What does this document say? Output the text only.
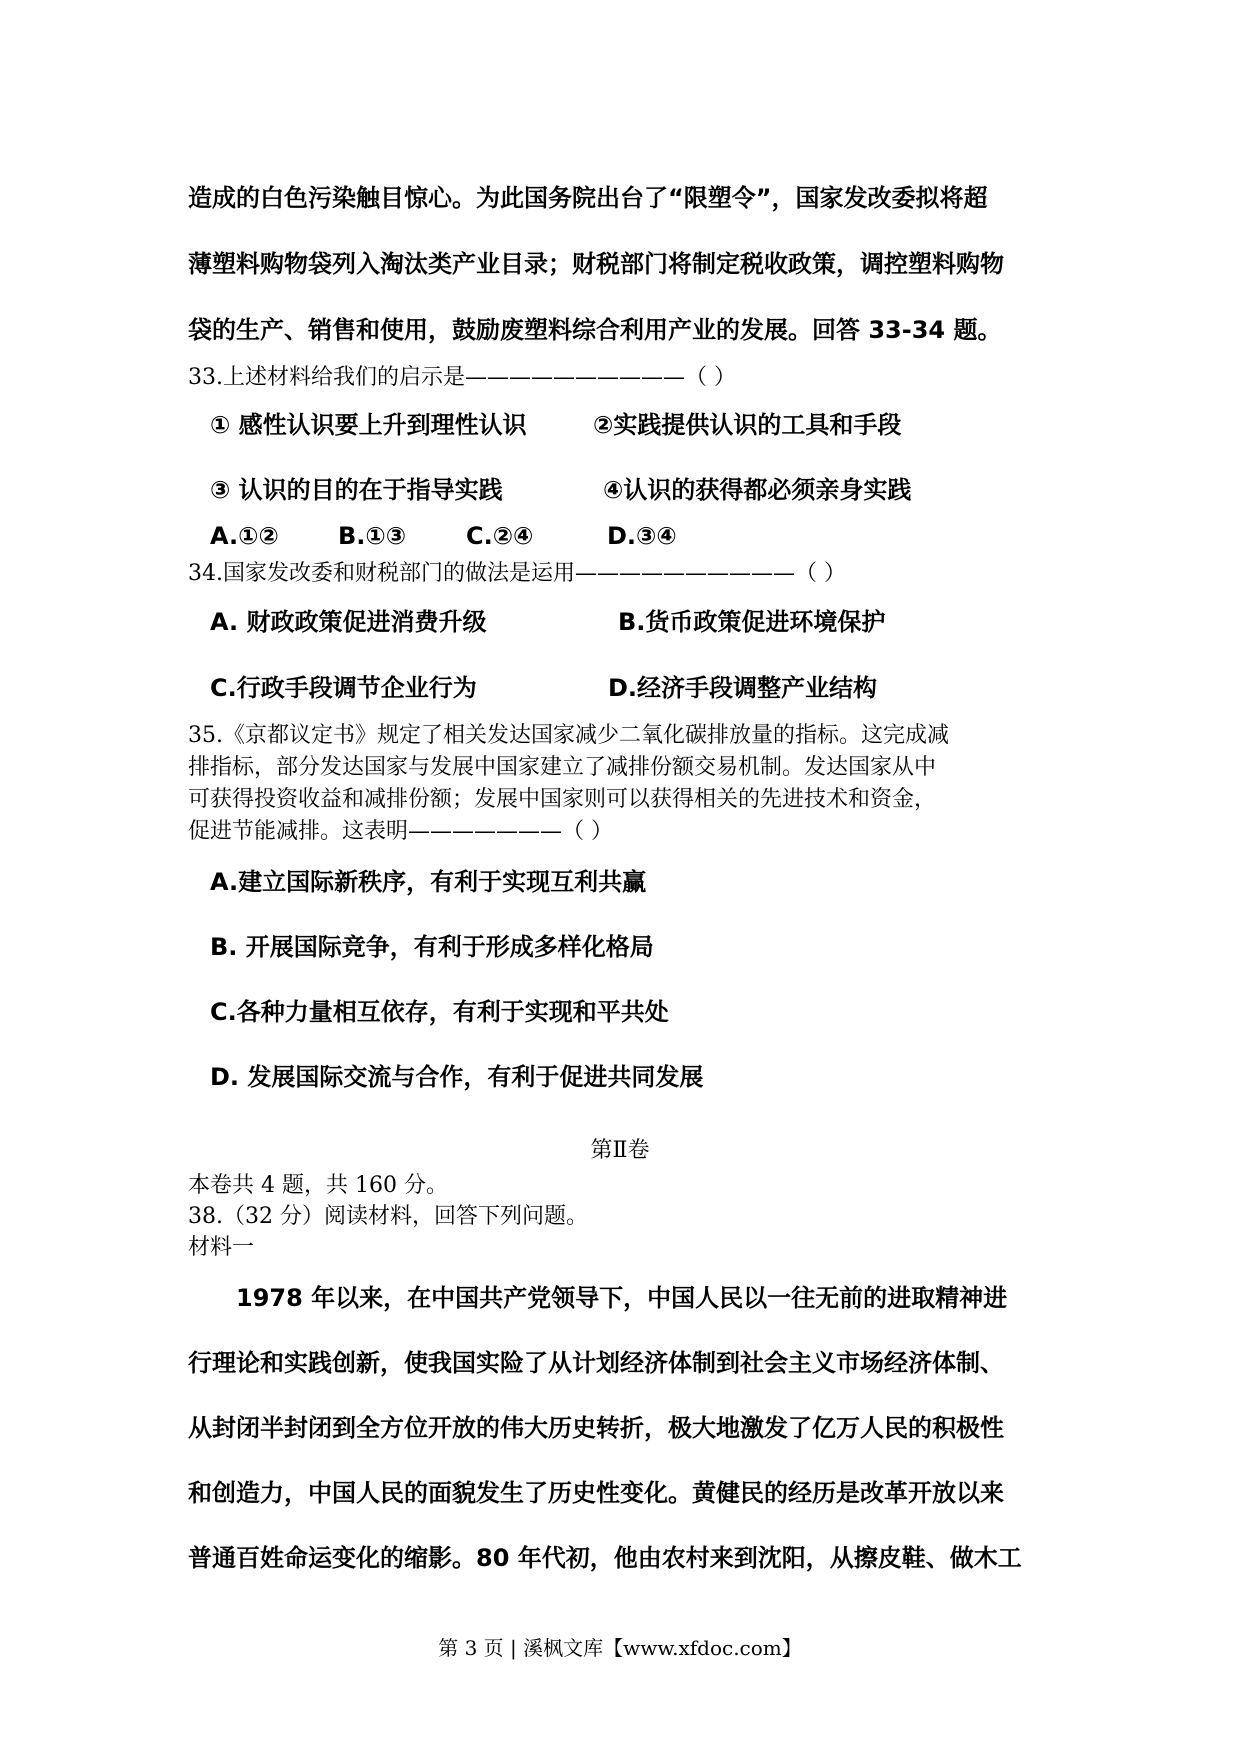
造成的白色污染触目惊心。为此国务院出台了“限塑令”，国家发改委拟将超
薄塑料购物袋列入淘汰类产业目录；财税部门将制定税收政策，调控塑料购物
袋的生产、销售和使用，鼓励废塑料综合利用产业的发展。回答 33-34 题。
33.上述材料给我们的启示是——————————（ ）
① 感性认识要上升到理性认识	②实践提供认识的工具和手段
③ 认识的目的在于指导实践	④认识的获得都必须亲身实践
A.①② B.①③ C.②④	D.③④
34.国家发改委和财税部门的做法是运用——————————（ ）
A. 财政政策促进消费升级	B.货币政策促进环境保护
C.行政手段调节企业行为	D.经济手段调整产业结构
35.《京都议定书》规定了相关发达国家减少二氧化碳排放量的指标。这完成减
排指标，部分发达国家与发展中国家建立了减排份额交易机制。发达国家从中
可获得投资收益和减排份额；发展中国家则可以获得相关的先进技术和资金，
促进节能减排。这表明———————（ ）
A.建立国际新秩序，有利于实现互利共赢
B. 开展国际竞争，有利于形成多样化格局
C.各种力量相互依存，有利于实现和平共处
D. 发展国际交流与合作，有利于促进共同发展
第Ⅱ卷
本卷共 4 题，共 160 分。
38.（32 分）阅读材料，回答下列问题。
材料一
1978 年以来，在中国共产党领导下，中国人民以一往无前的进取精神进
行理论和实践创新，使我国实险了从计划经济体制到社会主义市场经济体制、
从封闭半封闭到全方位开放的伟大历史转折，极大地激发了亿万人民的积极性
和创造力，中国人民的面貌发生了历史性变化。黄健民的经历是改革开放以来
普通百姓命运变化的缩影。80 年代初，他由农村来到沈阳，从擦皮鞋、做木工
第 3 页 | 溪枫文库【www.xfdoc.com】
